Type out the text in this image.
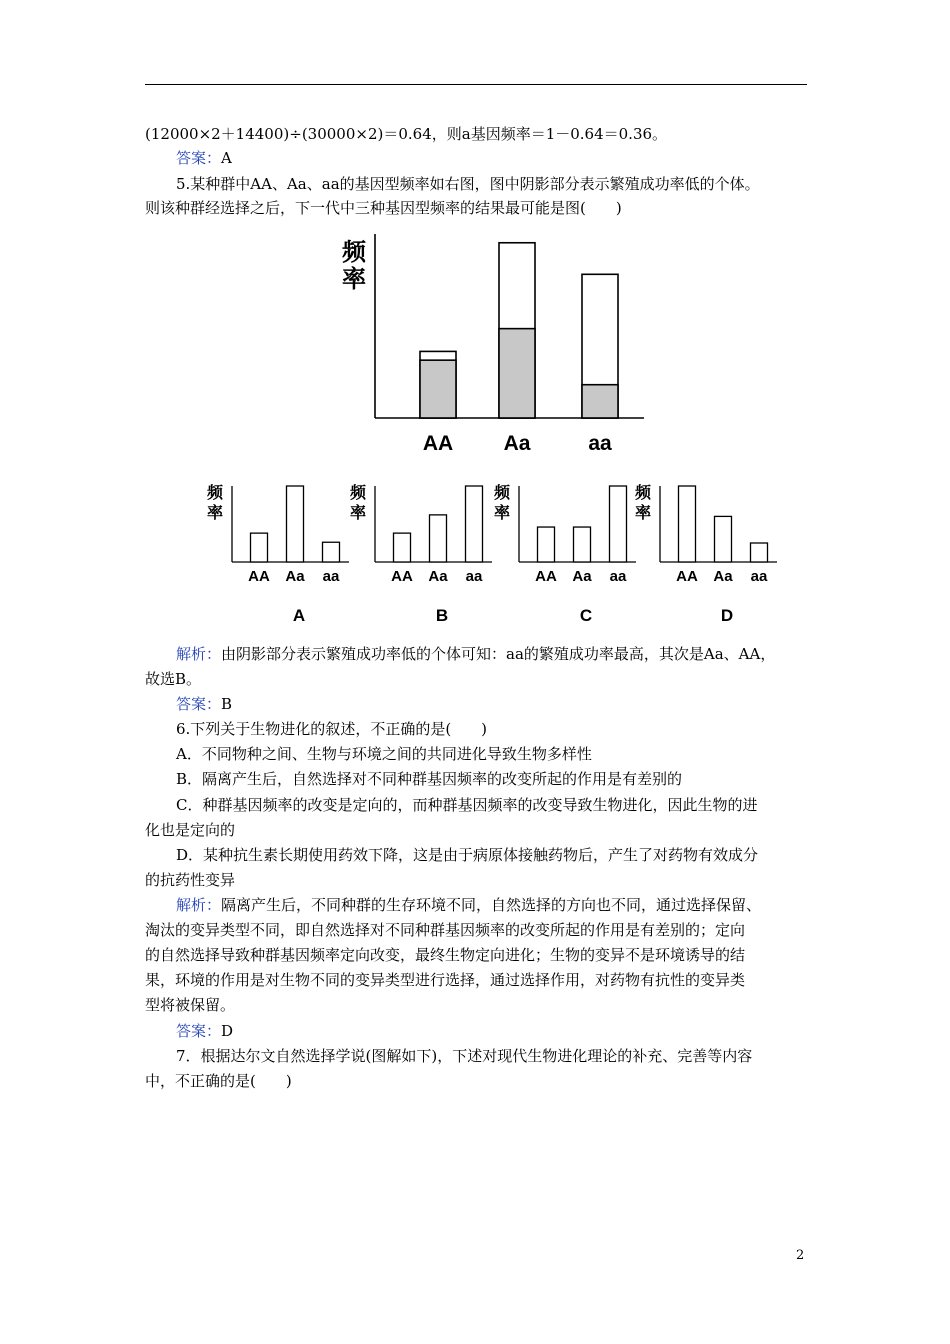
(12000×2＋14400)÷(30000×2)＝0.64，则a基因频率＝1－0.64＝0.36。
答案：A
5.某种群中AA、Aa、aa的基因型频率如右图，图中阴影部分表示繁殖成功率低的个体。
则该种群经选择之后，下一代中三种基因型频率的结果最可能是图(　　)
频
率
AA Aa	aa
频
率
AA Aa aa
A
频
率
AA Aa aa
B
频
率
AA Aa aa
C
频
率
AA Aa aa
D
解析：由阴影部分表示繁殖成功率低的个体可知：aa的繁殖成功率最高，其次是Aa、AA，
故选B。
答案：B
6.下列关于生物进化的叙述，不正确的是(　　)
A．不同物种之间、生物与环境之间的共同进化导致生物多样性
B．隔离产生后，自然选择对不同种群基因频率的改变所起的作用是有差别的
C．种群基因频率的改变是定向的，而种群基因频率的改变导致生物进化，因此生物的进
化也是定向的
D．某种抗生素长期使用药效下降，这是由于病原体接触药物后，产生了对药物有效成分
的抗药性变异
解析：隔离产生后，不同种群的生存环境不同，自然选择的方向也不同，通过选择保留、
淘汰的变异类型不同，即自然选择对不同种群基因频率的改变所起的作用是有差别的；定向
的自然选择导致种群基因频率定向改变，最终生物定向进化；生物的变异不是环境诱导的结
果，环境的作用是对生物不同的变异类型进行选择，通过选择作用，对药物有抗性的变异类
型将被保留。
答案：D
7．根据达尔文自然选择学说(图解如下)，下述对现代生物进化理论的补充、完善等内容
中，不正确的是(　　)
2
